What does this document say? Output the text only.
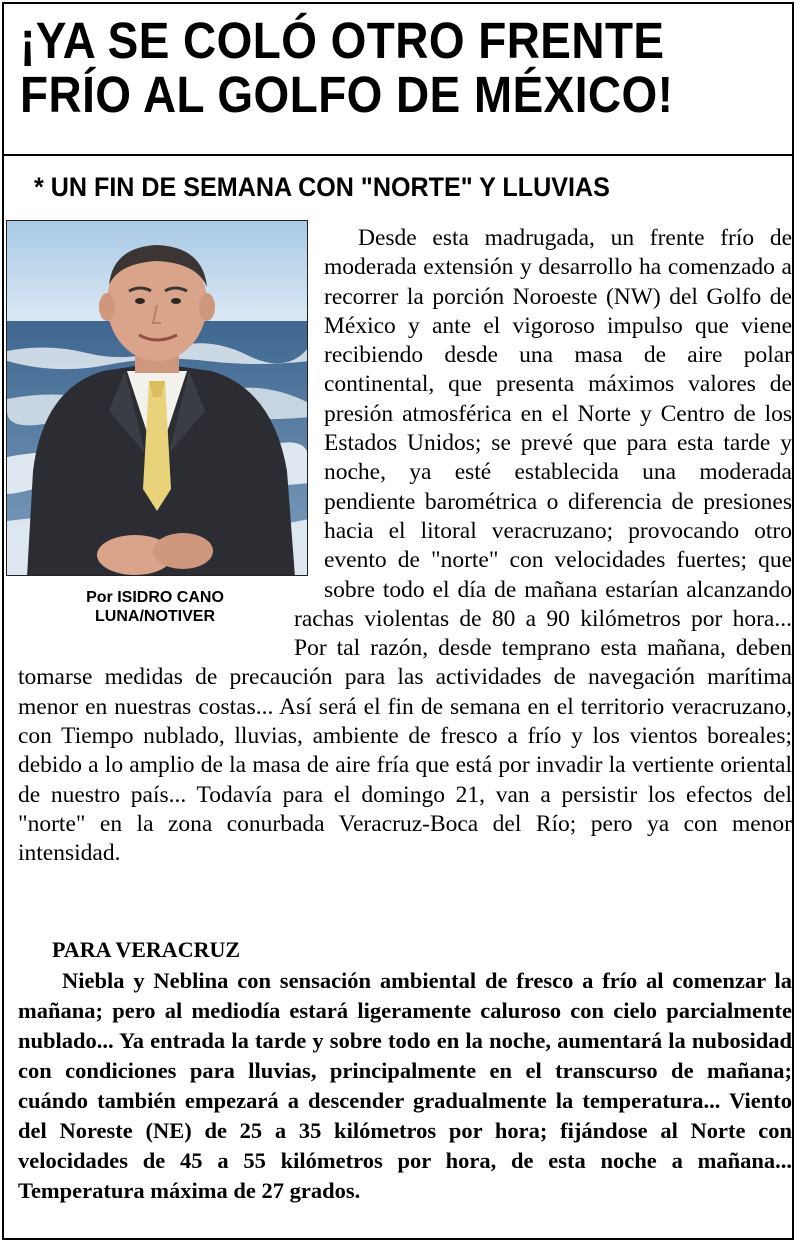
¡YA SE COLÓ OTRO FRENTE
FRÍO AL GOLFO DE MÉXICO!
* UN FIN DE SEMANA CON "NORTE" Y LLUVIAS

Por ISIDRO CANO
LUNA/NOTIVER

Desde esta madrugada, un frente frío de moderada extensión y desarrollo ha comenzado a recorrer la porción Noroeste (NW) del Golfo de México y ante el vigoroso impulso que viene recibiendo desde una masa de aire polar continental, que presenta máximos valores de presión atmosférica en el Norte y Centro de los Estados Unidos; se prevé que para esta tarde y noche, ya esté establecida una moderada pendiente barométrica o diferencia de presiones hacia el litoral veracruzano; provocando otro evento de "norte" con velocidades fuertes; que sobre todo el día de mañana estarían alcanzando rachas violentas de 80 a 90 kilómetros por hora... Por tal razón, desde temprano esta mañana, deben tomarse medidas de precaución para las actividades de navegación marítima menor en nuestras costas... Así será el fin de semana en el territorio veracruzano, con Tiempo nublado, lluvias, ambiente de fresco a frío y los vientos boreales; debido a lo amplio de la masa de aire fría que está por invadir la vertiente oriental de nuestro país... Todavía para el domingo 21, van a persistir los efectos del "norte" en la zona conurbada Veracruz-Boca del Río; pero ya con menor intensidad.

PARA VERACRUZ

Niebla y Neblina con sensación ambiental de fresco a frío al comenzar la mañana; pero al mediodía estará ligeramente caluroso con cielo parcialmente nublado... Ya entrada la tarde y sobre todo en la noche, aumentará la nubosidad con condiciones para lluvias, principalmente en el transcurso de mañana; cuándo también empezará a descender gradualmente la temperatura... Viento del Noreste (NE) de 25 a 35 kilómetros por hora; fijándose al Norte con velocidades de 45 a 55 kilómetros por hora, de esta noche a mañana... Temperatura máxima de 27 grados.
